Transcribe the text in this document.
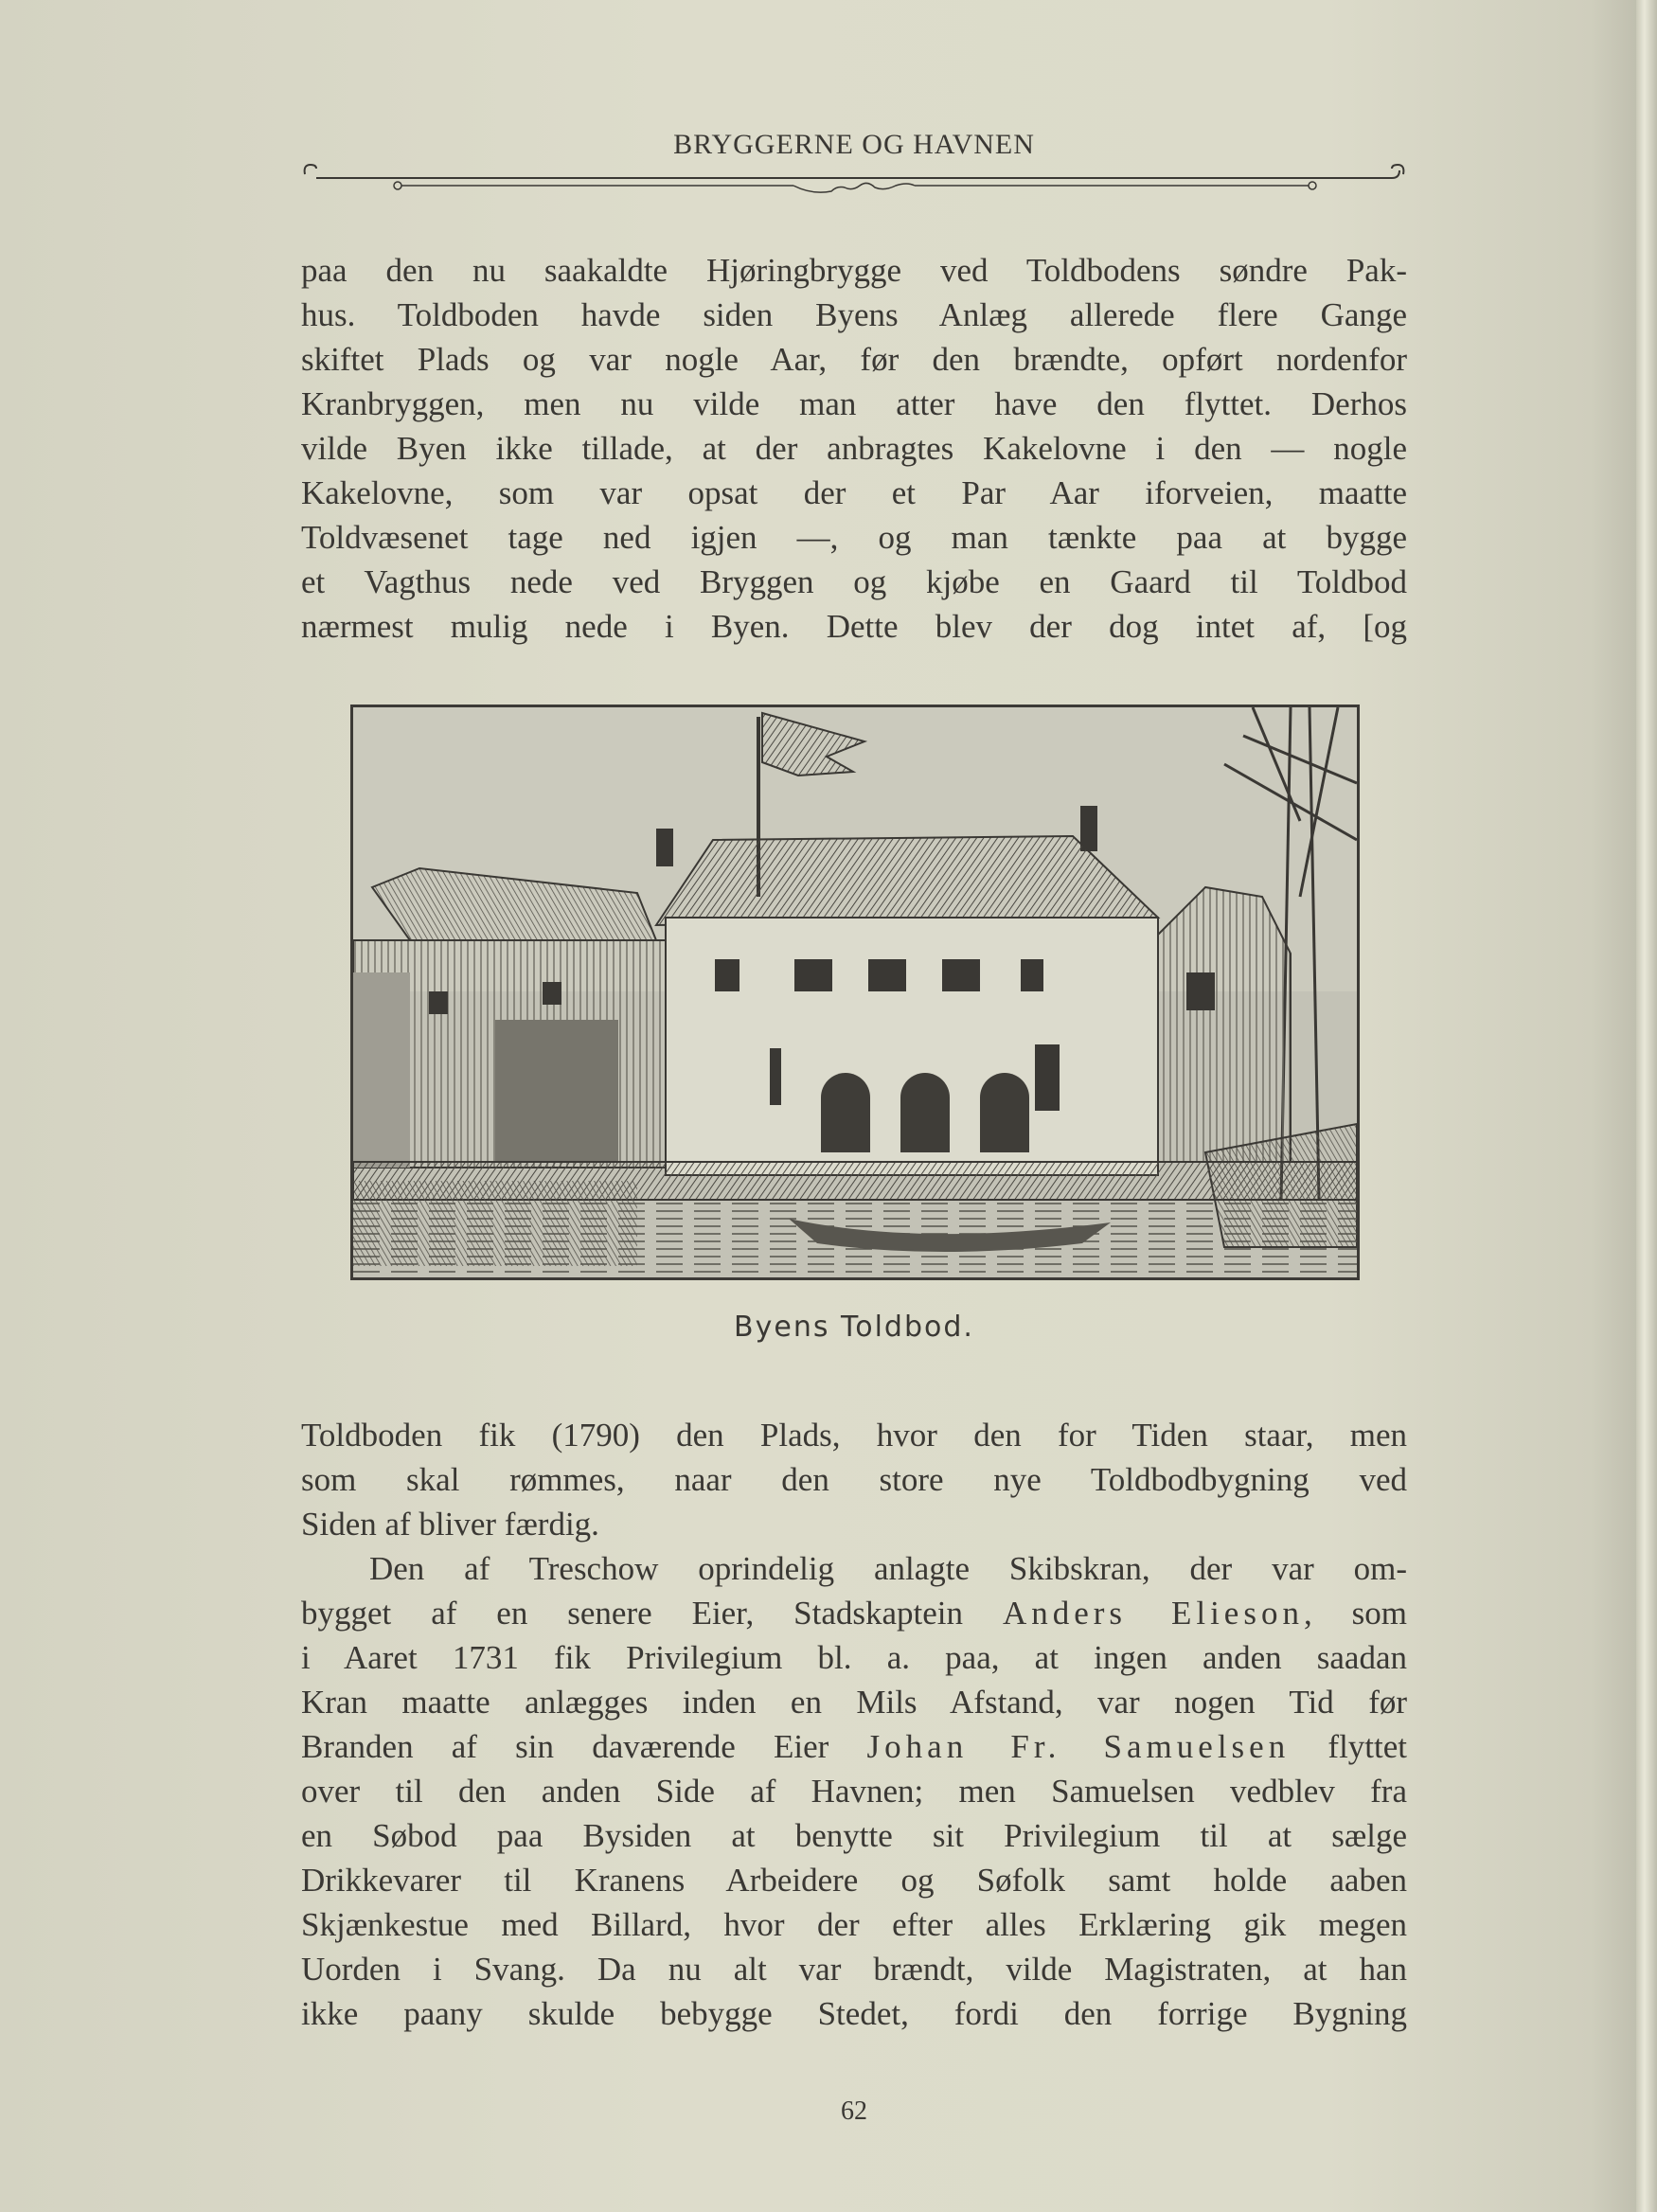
BRYGGERNE OG HAVNEN
paa den nu saakaldte Hjøringbrygge ved Toldbodens søndre Pak-
hus. Toldboden havde siden Byens Anlæg allerede flere Gange
skiftet Plads og var nogle Aar, før den brændte, opført nordenfor
Kranbryggen, men nu vilde man atter have den flyttet. Derhos
vilde Byen ikke tillade, at der anbragtes Kakelovne i den — nogle
Kakelovne, som var opsat der et Par Aar iforveien, maatte
Toldvæsenet tage ned igjen —, og man tænkte paa at bygge
et Vagthus nede ved Bryggen og kjøbe en Gaard til Toldbod
nærmest mulig nede i Byen. Dette blev der dog intet af, [og
Byens Toldbod.
Toldboden fik (1790) den Plads, hvor den for Tiden staar, men
som skal rømmes, naar den store nye Toldbodbygning ved
Siden af bliver færdig.
Den af Treschow oprindelig anlagte Skibskran, der var om-
bygget af en senere Eier, Stadskaptein Anders Elieson, som
i Aaret 1731 fik Privilegium bl. a. paa, at ingen anden saadan
Kran maatte anlægges inden en Mils Afstand, var nogen Tid før
Branden af sin daværende Eier Johan Fr. Samuelsen flyttet
over til den anden Side af Havnen; men Samuelsen vedblev fra
en Søbod paa Bysiden at benytte sit Privilegium til at sælge
Drikkevarer til Kranens Arbeidere og Søfolk samt holde aaben
Skjænkestue med Billard, hvor der efter alles Erklæring gik megen
Uorden i Svang. Da nu alt var brændt, vilde Magistraten, at han
ikke paany skulde bebygge Stedet, fordi den forrige Bygning
62
